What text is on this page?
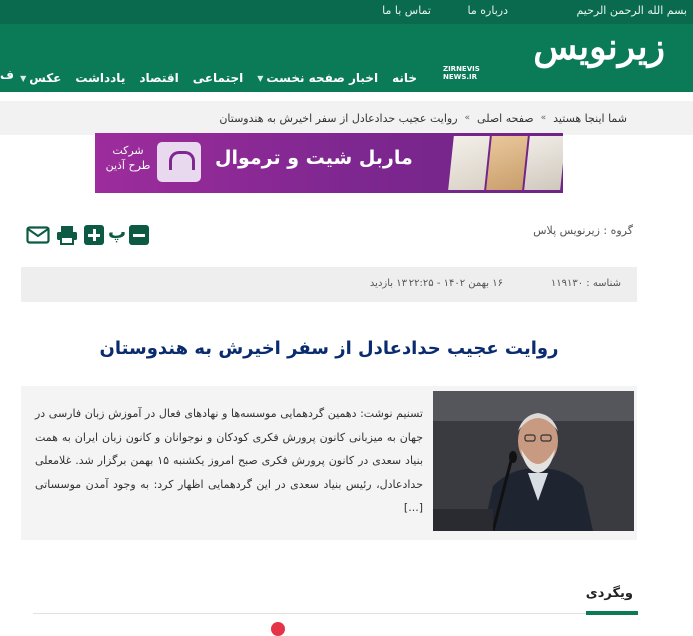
بسم الله الرحمن الرحیم
درباره ما
تماس با ما
زیرنویس
ZIRNEVIS
NEWS.IR
خانه
اخبار صفحه نخست
▼
اجتماعی
اقتصاد
یادداشت
عکس
▼
ف
شما اینجا هستید
»
صفحه اصلی
»
روایت عجیب حدادعادل از سفر اخیرش به هندوستان
ماربل شیت و ترموال
شرکت
طرح آذین
گروه : زیرنویس پلاس
پ
شناسه : ۱۱۹۱۳۰
۱۶ بهمن ۱۴۰۲ - ۲۲:۲۵
۱۳ بازدید
روایت عجیب حدادعادل از سفر اخیرش به هندوستان
تسنیم نوشت: دهمین گردهمایی موسسه‌ها و نهادهای فعال در آموزش زبان فارسی در جهان به میزبانی کانون پرورش فکری کودکان و نوجوانان و کانون زبان ایران به همت بنیاد سعدی در کانون پرورش فکری صبح امروز یکشنبه ۱۵ بهمن برگزار شد. غلامعلی حدادعادل، رئیس بنیاد سعدی در این گردهمایی اظهار کرد: به وجود آمدن موسساتی [...]
ویگردی
